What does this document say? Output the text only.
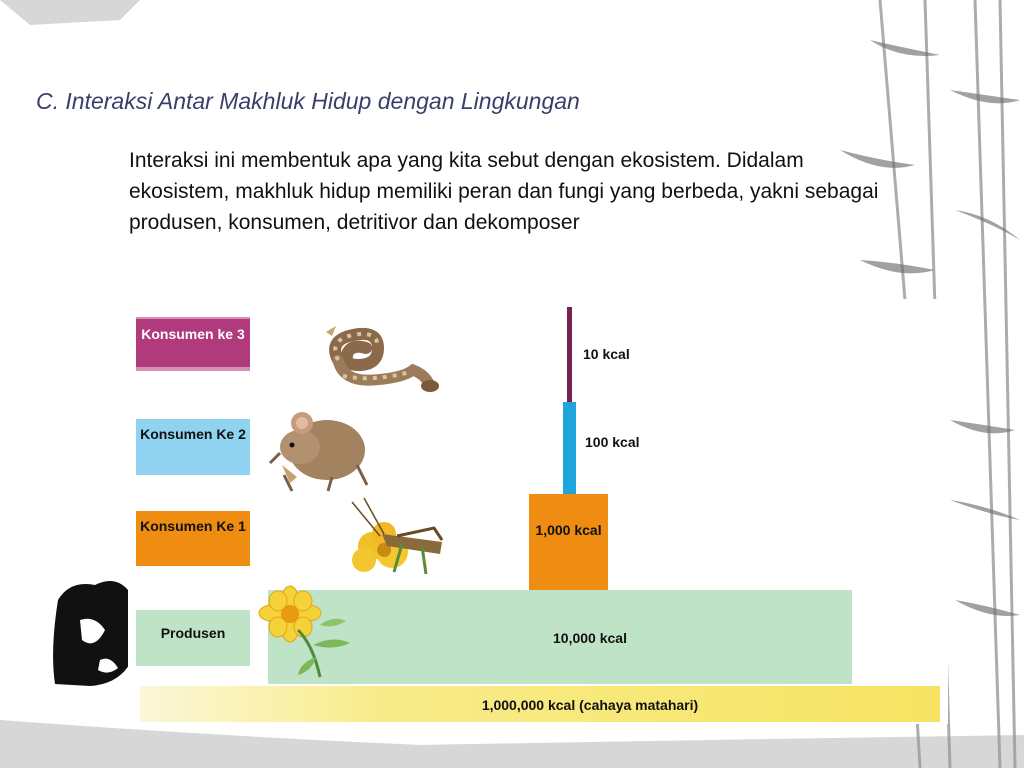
C. Interaksi Antar Makhluk Hidup dengan Lingkungan
Interaksi ini membentuk apa yang kita sebut dengan ekosistem. Didalam ekosistem, makhluk hidup memiliki peran dan fungi yang berbeda, yakni sebagai produsen, konsumen, detritivor dan dekomposer
Konsumen ke 3
Konsumen Ke 2
Konsumen Ke 1
Produsen
1,000,000 kcal (cahaya matahari)
10,000 kcal
1,000 kcal
100 kcal
10 kcal
